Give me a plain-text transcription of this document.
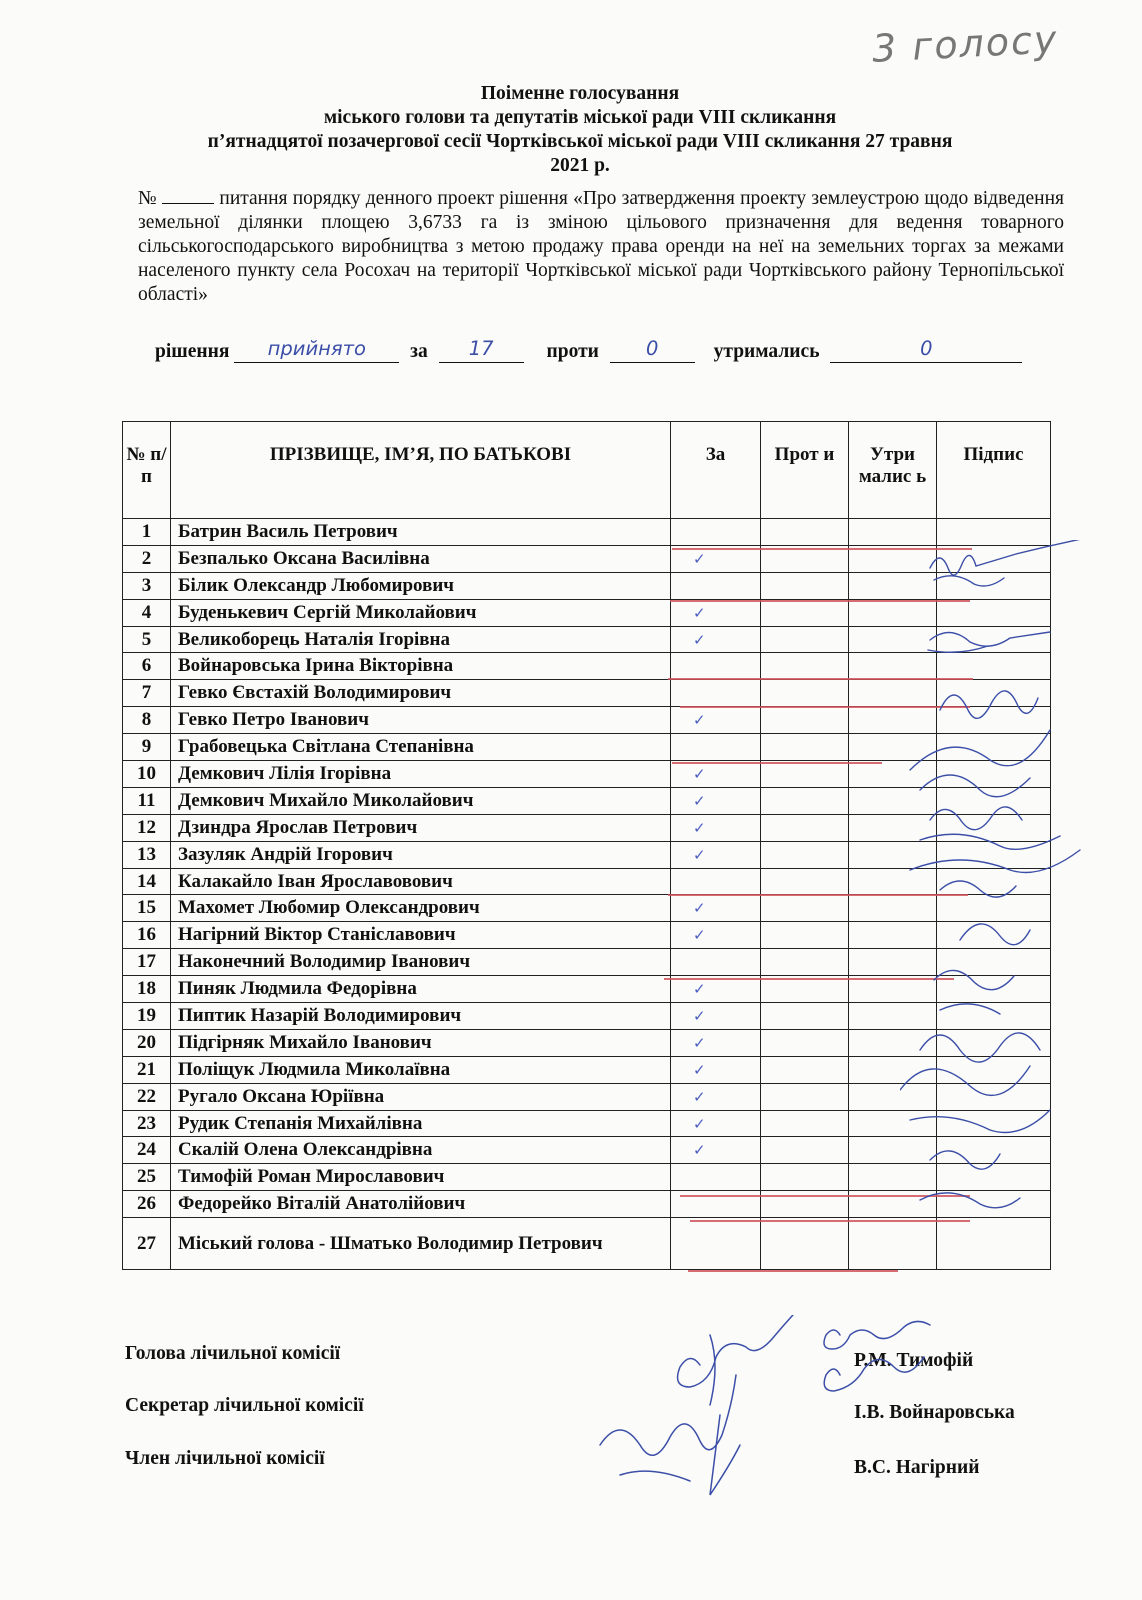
3 голосу
Поіменне голосування
міського голови та депутатів міської ради VIII скликання
п’ятнадцятої позачергової сесії Чортківської міської ради VIII скликання 27 травня
2021 р.
№	питання порядку денного проект рішення «Про затвердження проекту землеустрою щодо відведення земельної ділянки площею 3,6733 га із зміною цільового призначення для ведення товарного сільськогосподарського виробництва з метою продажу права оренди на неї на земельних торгах за межами населеного пункту села Росохач на території Чортківської міської ради Чортківського району Тернопільської області»
рішення	прийнято	за	17	проти	0	утримались	0
№ п/п	ПРІЗВИЩЕ, ІМ’Я, ПО БАТЬКОВІ	За	Прот и	Утри малис ь	Підпис
1	Батрин Василь Петрович				
2	Безпалько Оксана Василівна	✓			
3	Білик Олександр Любомирович				
4	Буденькевич Сергій Миколайович	✓			
5	Великоборець Наталія Ігорівна	✓			
6	Войнаровська Ірина Вікторівна				
7	Гевко Євстахій Володимирович				
8	Гевко Петро Іванович	✓			
9	Грабовецька Світлана Степанівна				
10	Демкович Лілія Ігорівна	✓			
11	Демкович Михайло Миколайович	✓			
12	Дзиндра Ярослав Петрович	✓			
13	Зазуляк Андрій Ігорович	✓			
14	Калакайло Іван Ярославовович				
15	Махомет Любомир Олександрович	✓			
16	Нагірний Віктор Станіславович	✓			
17	Наконечний Володимир Іванович				
18	Пиняк Людмила Федорівна	✓			
19	Пиптик Назарій Володимирович	✓			
20	Підгірняк Михайло Іванович	✓			
21	Поліщук Людмила Миколаївна	✓			
22	Ругало Оксана Юріївна	✓			
23	Рудик Степанія Михайлівна	✓			
24	Скалій Олена Олександрівна	✓			
25	Тимофій Роман Мирославович				
26	Федорейко Віталій Анатолійович				
27	Міський голова - Шматько Володимир Петрович				
Голова лічильної комісії
Секретар лічильної комісії
Член лічильної комісії
Р.М. Тимофій
І.В. Войнаровська
В.С. Нагірний
